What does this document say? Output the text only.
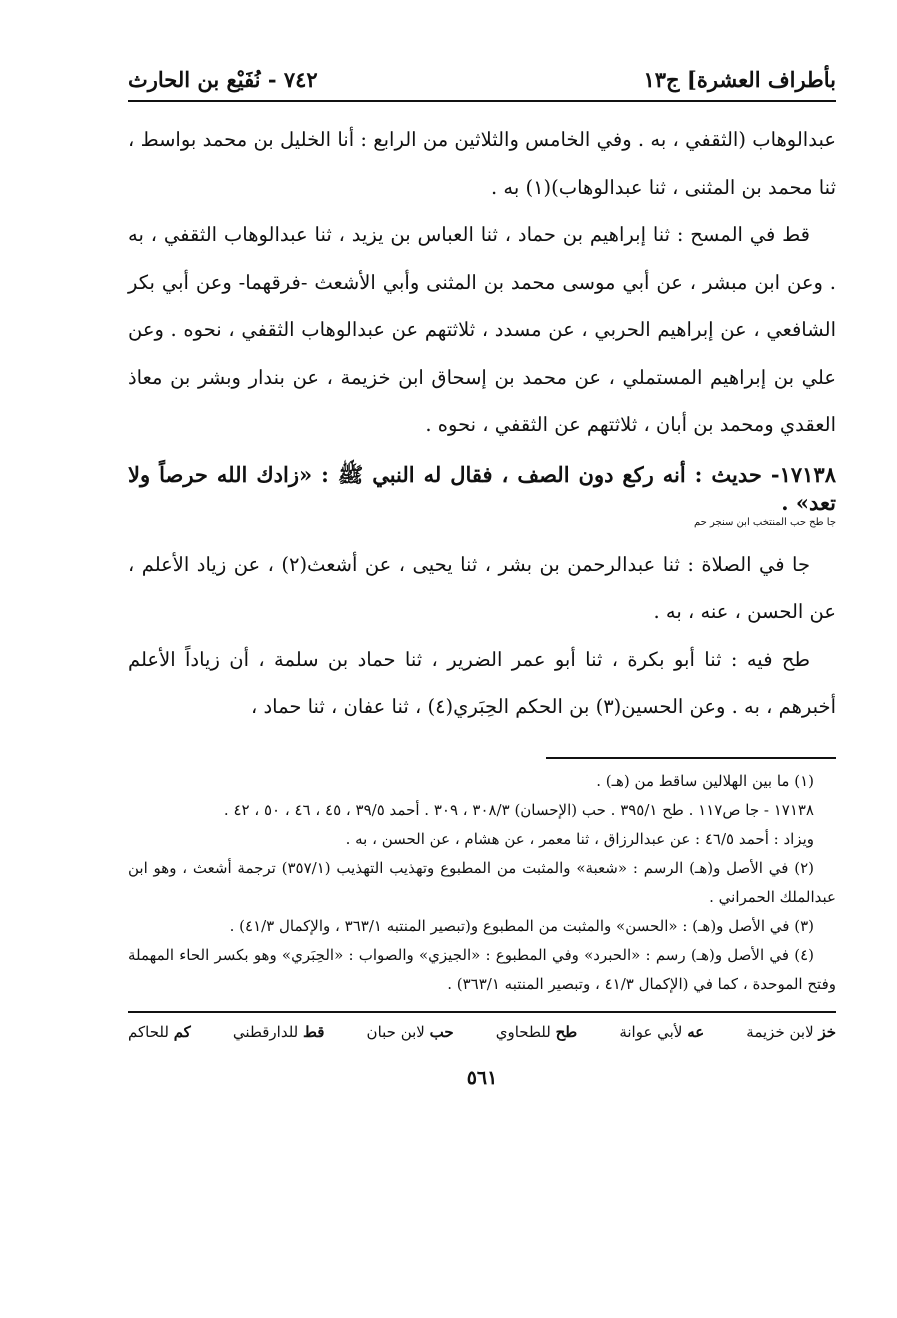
بأطراف العشرة] ج١٣
٧٤٢ - نُفَيْع بن الحارث

عبدالوهاب (الثقفي ، به . وفي الخامس والثلاثين من الرابع : أنا الخليل بن محمد بواسط ، ثنا محمد بن المثنى ، ثنا عبدالوهاب)(١) به .

قط في المسح : ثنا إبراهيم بن حماد ، ثنا العباس بن يزيد ، ثنا عبدالوهاب الثقفي ، به . وعن ابن مبشر ، عن أبي موسى محمد بن المثنى وأبي الأشعث -فرقهما- وعن أبي بكر الشافعي ، عن إبراهيم الحربي ، عن مسدد ، ثلاثتهم عن عبدالوهاب الثقفي ، نحوه . وعن علي بن إبراهيم المستملي ، عن محمد بن إسحاق ابن خزيمة ، عن بندار وبشر بن معاذ العقدي ومحمد بن أبان ، ثلاثتهم عن الثقفي ، نحوه .

١٧١٣٨- حديث : أنه ركع دون الصف ، فقال له النبي ﷺ : «زادك الله حرصاً ولا تعد» .
جا طح حب المنتخب ابن سنجر حم

جا في الصلاة : ثنا عبدالرحمن بن بشر ، ثنا يحيى ، عن أشعث(٢) ، عن زياد الأعلم ، عن الحسن ، عنه ، به .

طح فيه : ثنا أبو بكرة ، ثنا أبو عمر الضرير ، ثنا حماد بن سلمة ، أن زياداً الأعلم أخبرهم ، به . وعن الحسين(٣) بن الحكم الحِبَري(٤) ، ثنا عفان ، ثنا حماد ،

(١) ما بين الهلالين ساقط من (هـ) .

١٧١٣٨ - جا ص١١٧ . طح ٣٩٥/١ . حب (الإحسان) ٣٠٨/٣ ، ٣٠٩ . أحمد ٣٩/٥ ، ٤٥ ، ٤٦ ، ٥٠ ، ٤٢ .

ويزاد : أحمد ٤٦/٥ : عن عبدالرزاق ، ثنا معمر ، عن هشام ، عن الحسن ، به .

(٢) في الأصل و(هـ) الرسم : «شعبة» والمثبت من المطبوع وتهذيب التهذيب (٣٥٧/١) ترجمة أشعث ، وهو ابن عبدالملك الحمراني .

(٣) في الأصل و(هـ) : «الحسن» والمثبت من المطبوع و(تبصير المنتبه ٣٦٣/١ ، والإكمال ٤١/٣) .

(٤) في الأصل و(هـ) رسم : «الحبرد» وفي المطبوع : «الجيزي» والصواب : «الحِبَري» وهو بكسر الحاء المهملة وفتح الموحدة ، كما في (الإكمال ٤١/٣ ، وتبصير المنتبه ٣٦٣/١) .

خز لابن خزيمة
عه لأبي عوانة
طح للطحاوي
حب لابن حبان
قط للدارقطني
كم للحاكم
٥٦١
